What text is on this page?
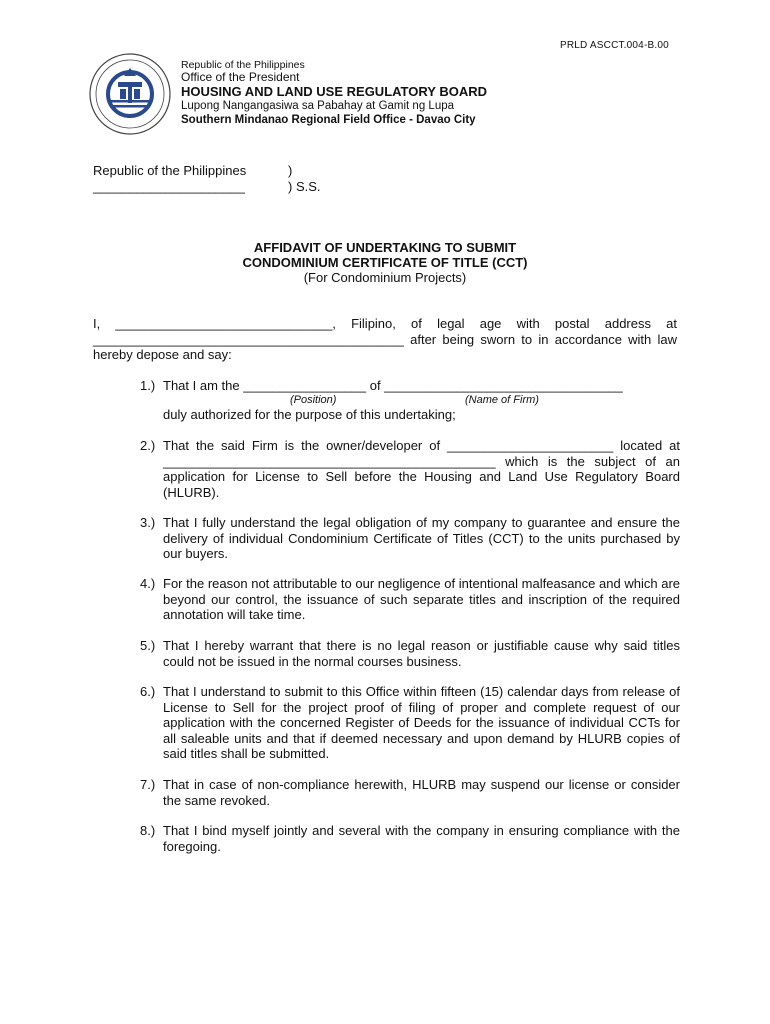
PRLD ASCCT.004-B.00
Republic of the Philippines
Office of the President
HOUSING AND LAND USE REGULATORY BOARD
Lupong Nangangasiwa sa Pabahay at Gamit ng Lupa
Southern Mindanao Regional Field Office - Davao City
Republic of the Philippines
_____________________
)
) S.S.
AFFIDAVIT OF UNDERTAKING TO SUBMIT
CONDOMINIUM CERTIFICATE OF TITLE (CCT)
(For Condominium Projects)
I, ______________________________, Filipino, of legal age with postal address at ___________________________________________ after being sworn to in accordance with law hereby depose and say:
1.) That I am the _________________ of _________________________________
(Position)	(Name of Firm)
duly authorized for the purpose of this undertaking;
2.) That the said Firm is the owner/developer of _______________________ located at ______________________________________________ which is the subject of an application for License to Sell before the Housing and Land Use Regulatory Board (HLURB).
3.) That I fully understand the legal obligation of my company to guarantee and ensure the delivery of individual Condominium Certificate of Titles (CCT) to the units purchased by our buyers.
4.) For the reason not attributable to our negligence of intentional malfeasance and which are beyond our control, the issuance of such separate titles and inscription of the required annotation will take time.
5.) That I hereby warrant that there is no legal reason or justifiable cause why said titles could not be issued in the normal courses business.
6.) That I understand to submit to this Office within fifteen (15) calendar days from release of License to Sell for the project proof of filing of proper and complete request of our application with the concerned Register of Deeds for the issuance of individual CCTs for all saleable units and that if deemed necessary and upon demand by HLURB copies of said titles shall be submitted.
7.) That in case of non-compliance herewith, HLURB may suspend our license or consider the same revoked.
8.) That I bind myself jointly and several with the company in ensuring compliance with the foregoing.
